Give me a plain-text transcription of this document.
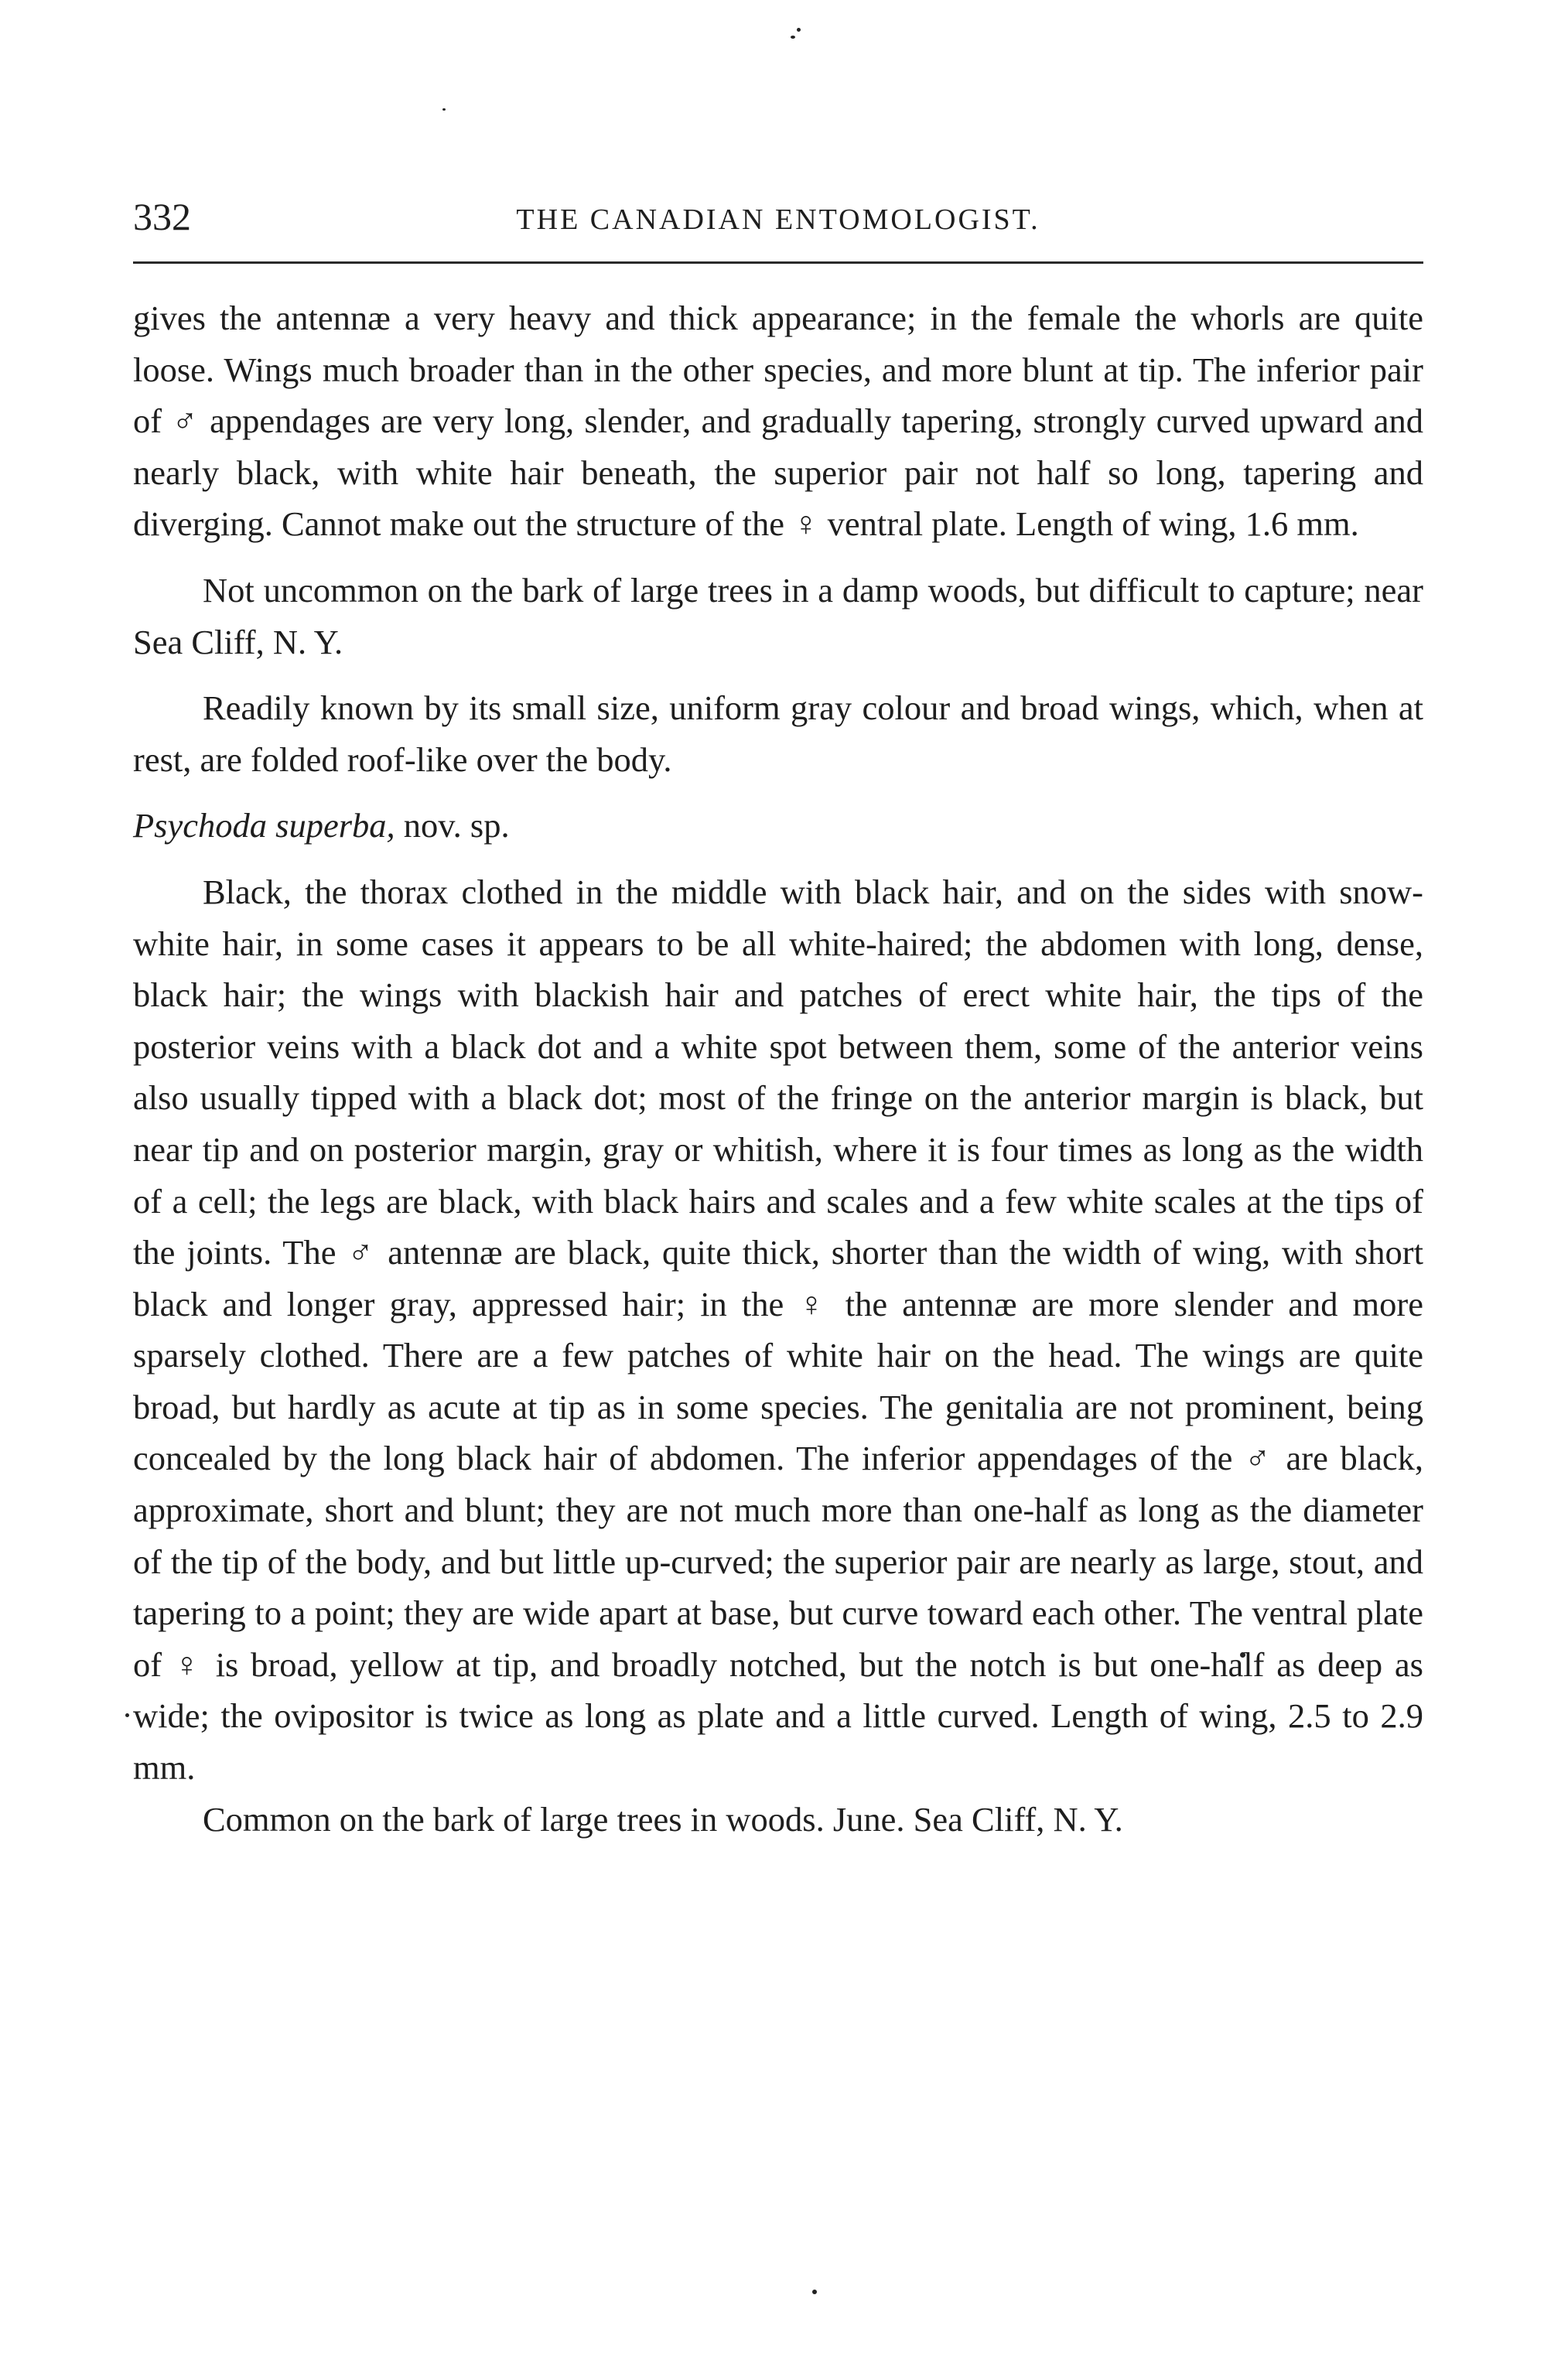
332	THE CANADIAN ENTOMOLOGIST.

gives the antennæ a very heavy and thick appearance; in the female the whorls are quite loose. Wings much broader than in the other species, and more blunt at tip. The inferior pair of ♂ appendages are very long, slender, and gradually tapering, strongly curved upward and nearly black, with white hair beneath, the superior pair not half so long, tapering and diverging. Cannot make out the structure of the ♀ ventral plate. Length of wing, 1.6 mm.

Not uncommon on the bark of large trees in a damp woods, but difficult to capture; near Sea Cliff, N. Y.

Readily known by its small size, uniform gray colour and broad wings, which, when at rest, are folded roof-like over the body.

Psychoda superba, nov. sp.

Black, the thorax clothed in the middle with black hair, and on the sides with snow-white hair, in some cases it appears to be all white-haired; the abdomen with long, dense, black hair; the wings with blackish hair and patches of erect white hair, the tips of the posterior veins with a black dot and a white spot between them, some of the anterior veins also usually tipped with a black dot; most of the fringe on the anterior margin is black, but near tip and on posterior margin, gray or whitish, where it is four times as long as the width of a cell; the legs are black, with black hairs and scales and a few white scales at the tips of the joints. The ♂ antennæ are black, quite thick, shorter than the width of wing, with short black and longer gray, appressed hair; in the ♀ the antennæ are more slender and more sparsely clothed. There are a few patches of white hair on the head. The wings are quite broad, but hardly as acute at tip as in some species. The genitalia are not prominent, being concealed by the long black hair of abdomen. The inferior appendages of the ♂ are black, approximate, short and blunt; they are not much more than one-half as long as the diameter of the tip of the body, and but little up-curved; the superior pair are nearly as large, stout, and tapering to a point; they are wide apart at base, but curve toward each other. The ventral plate of ♀ is broad, yellow at tip, and broadly notched, but the notch is but one-half as deep as wide; the ovipositor is twice as long as plate and a little curved. Length of wing, 2.5 to 2.9 mm.

Common on the bark of large trees in woods. June. Sea Cliff, N. Y.
